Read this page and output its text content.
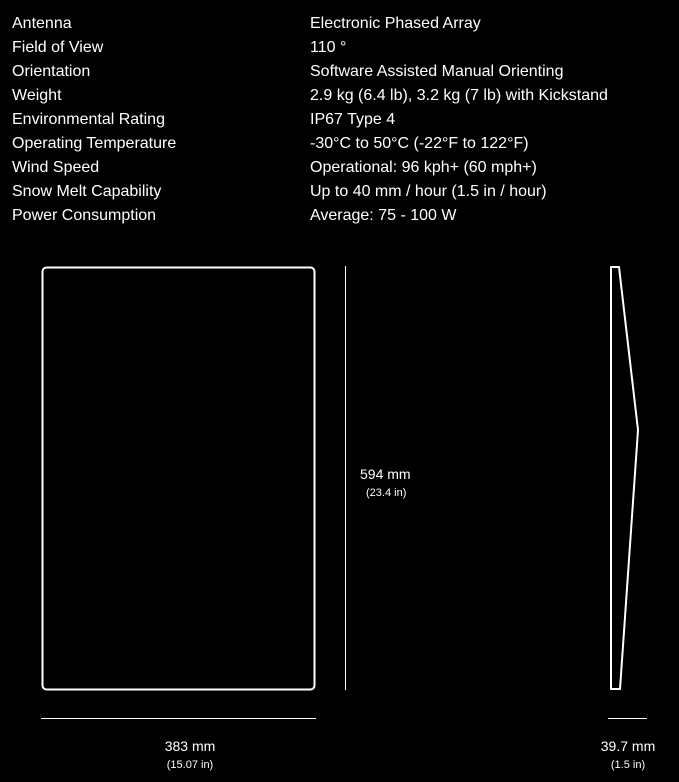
Antenna	Electronic Phased Array
Field of View	110 °
Orientation	Software Assisted Manual Orienting
Weight	2.9 kg (6.4 lb), 3.2 kg (7 lb) with Kickstand
Environmental Rating	IP67 Type 4
Operating Temperature	-30°C to 50°C (-22°F to 122°F)
Wind Speed	Operational: 96 kph+ (60 mph+)
Snow Melt Capability	Up to 40 mm / hour (1.5 in / hour)
Power Consumption	Average: 75 - 100 W
594 mm
(23.4 in)
383 mm
(15.07 in)
39.7 mm
(1.5 in)
